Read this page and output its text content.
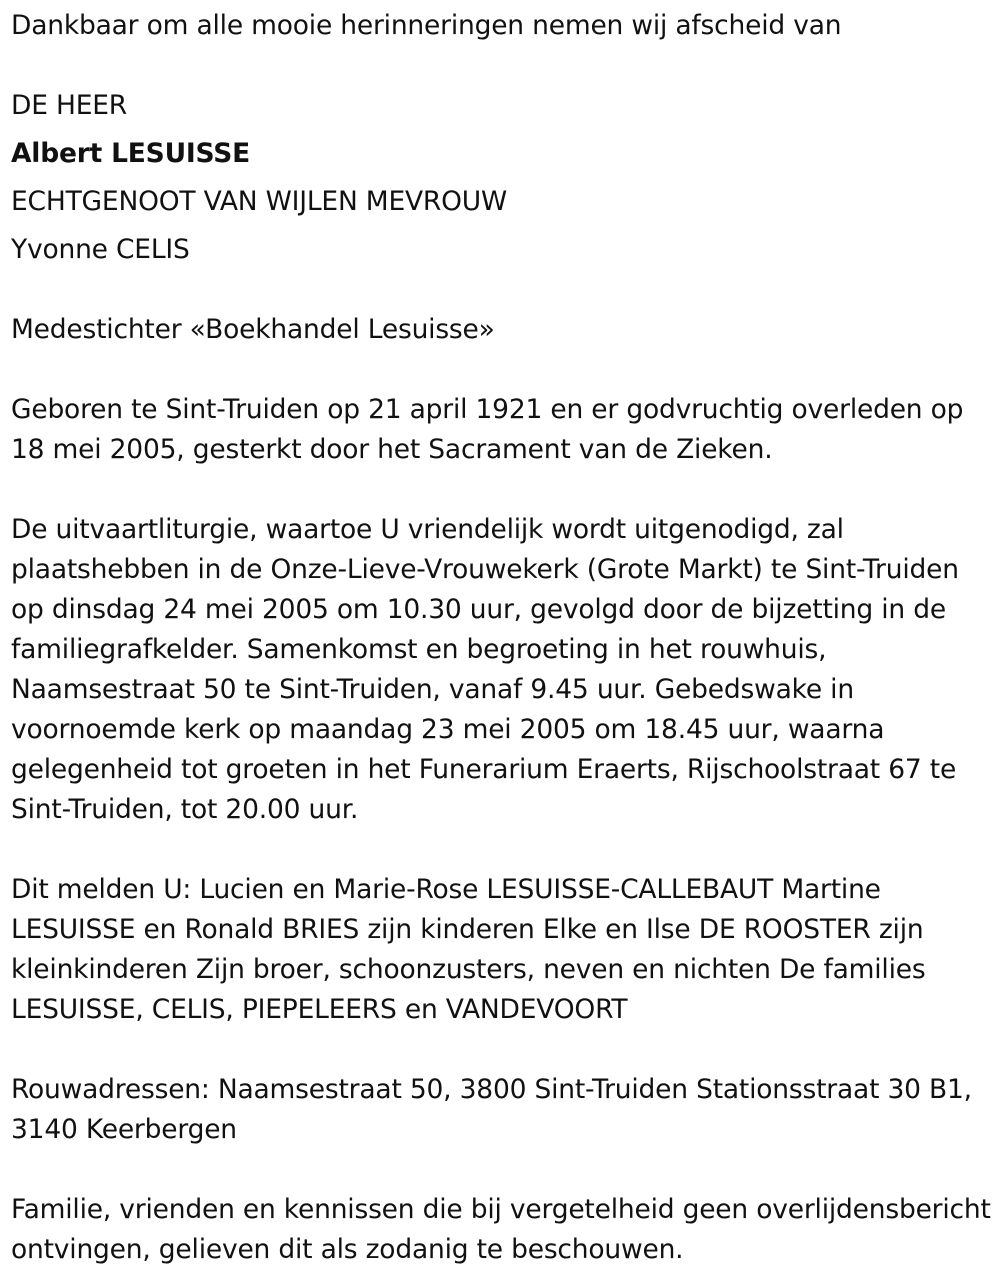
Dankbaar om alle mooie herinneringen nemen wij afscheid van

DE HEER

Albert LESUISSE

ECHTGENOOT VAN WIJLEN MEVROUW

Yvonne CELIS

Medestichter «Boekhandel Lesuisse»

Geboren te Sint-Truiden op 21 april 1921 en er godvruchtig overleden op 18 mei 2005, gesterkt door het Sacrament van de Zieken.

De uitvaartliturgie, waartoe U vriendelijk wordt uitgenodigd, zal plaatshebben in de Onze-Lieve-Vrouwekerk (Grote Markt) te Sint-Truiden op dinsdag 24 mei 2005 om 10.30 uur, gevolgd door de bijzetting in de familiegrafkelder. Samenkomst en begroeting in het rouwhuis, Naamsestraat 50 te Sint-Truiden, vanaf 9.45 uur. Gebedswake in voornoemde kerk op maandag 23 mei 2005 om 18.45 uur, waarna gelegenheid tot groeten in het Funerarium Eraerts, Rijschoolstraat 67 te Sint-Truiden, tot 20.00 uur.

Dit melden U: Lucien en Marie-Rose LESUISSE-CALLEBAUT Martine LESUISSE en Ronald BRIES zijn kinderen Elke en Ilse DE ROOSTER zijn kleinkinderen Zijn broer, schoonzusters, neven en nichten De families LESUISSE, CELIS, PIEPELEERS en VANDEVOORT

Rouwadressen: Naamsestraat 50, 3800 Sint-Truiden Stationsstraat 30 B1, 3140 Keerbergen

Familie, vrienden en kennissen die bij vergetelheid geen overlijdensbericht ontvingen, gelieven dit als zodanig te beschouwen.
